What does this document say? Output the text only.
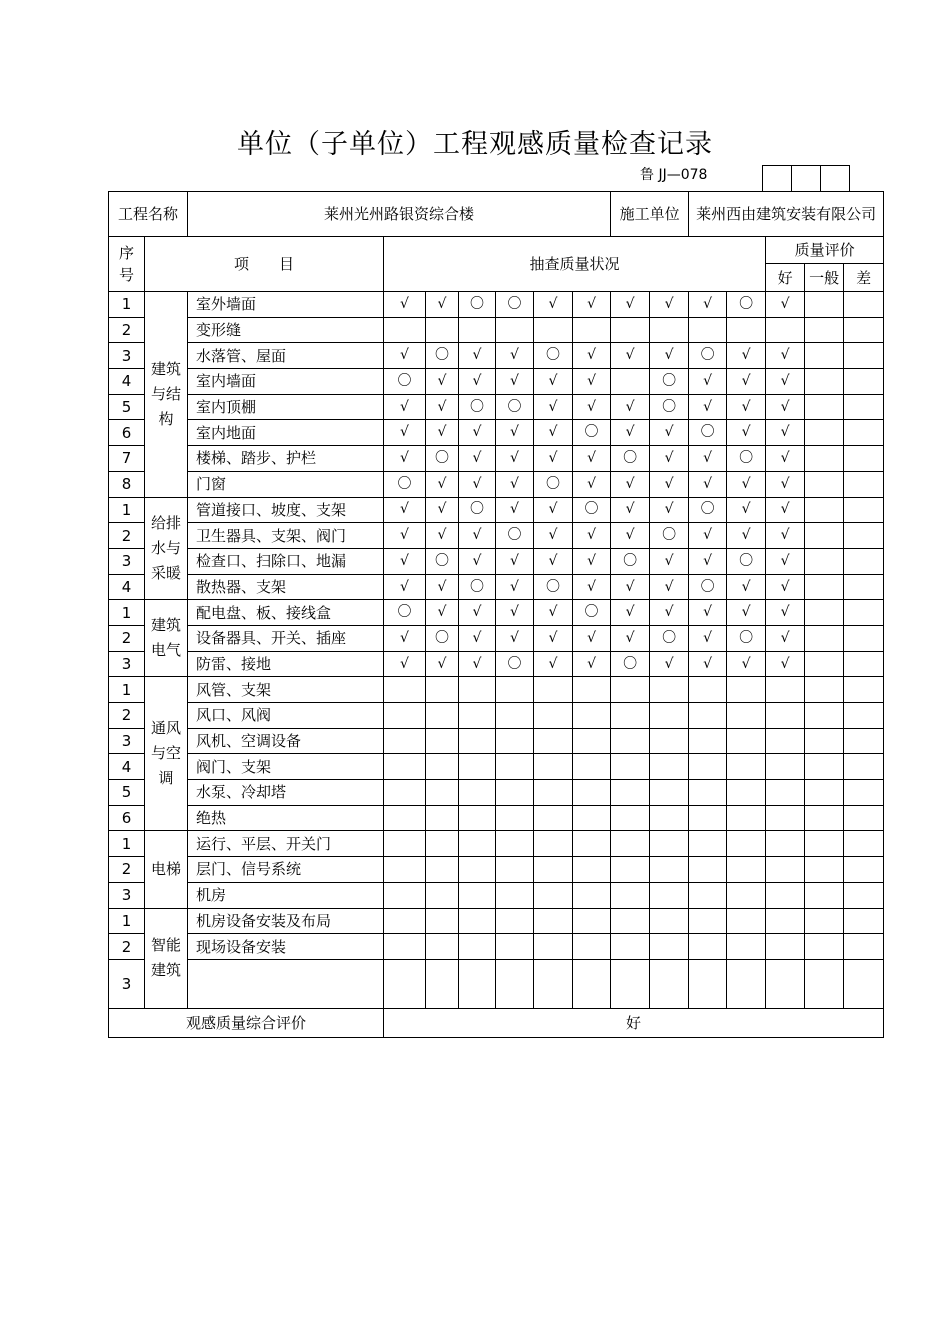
单位（子单位）工程观感质量检查记录
鲁 JJ—078

工程名称		莱州光州路银资综合楼							施工单位		莱州西由建筑安装有限公司				
序
号	项　　目		抽查质量状况										质量评价		
													好	一般	差
1	建筑与结构	室外墙面	√	√	〇	〇	√	√	√	√	√	〇	√		
2		变形缝													
3		水落管、屋面	√	〇	√	√	〇	√	√	√	〇	√	√		
4		室内墙面	〇	√	√	√	√	√		〇	√	√	√		
5		室内顶棚	√	√	〇	〇	√	√	√	〇	√	√	√		
6		室内地面	√	√	√	√	√	〇	√	√	〇	√	√		
7		楼梯、踏步、护栏	√	〇	√	√	√	√	〇	√	√	〇	√		
8		门窗	〇	√	√	√	〇	√	√	√	√	√	√		
1	给排水与采暖	管道接口、坡度、支架	√	√	〇	√	√	〇	√	√	〇	√	√		
2		卫生器具、支架、阀门	√	√	√	〇	√	√	√	〇	√	√	√		
3		检查口、扫除口、地漏	√	〇	√	√	√	√	〇	√	√	〇	√		
4		散热器、支架	√	√	〇	√	〇	√	√	√	〇	√	√		
1	建筑电气	配电盘、板、接线盒	〇	√	√	√	√	〇	√	√	√	√	√		
2		设备器具、开关、插座	√	〇	√	√	√	√	√	〇	√	〇	√		
3		防雷、接地	√	√	√	〇	√	√	〇	√	√	√	√		
1	通风与空调	风管、支架													
2		风口、风阀													
3		风机、空调设备													
4		阀门、支架													
5		水泵、冷却塔													
6		绝热													
1	电梯	运行、平层、开关门													
2		层门、信号系统													
3		机房													
1	智能建筑	机房设备安装及布局													
2		现场设备安装													
3															
观感质量综合评价			好												
